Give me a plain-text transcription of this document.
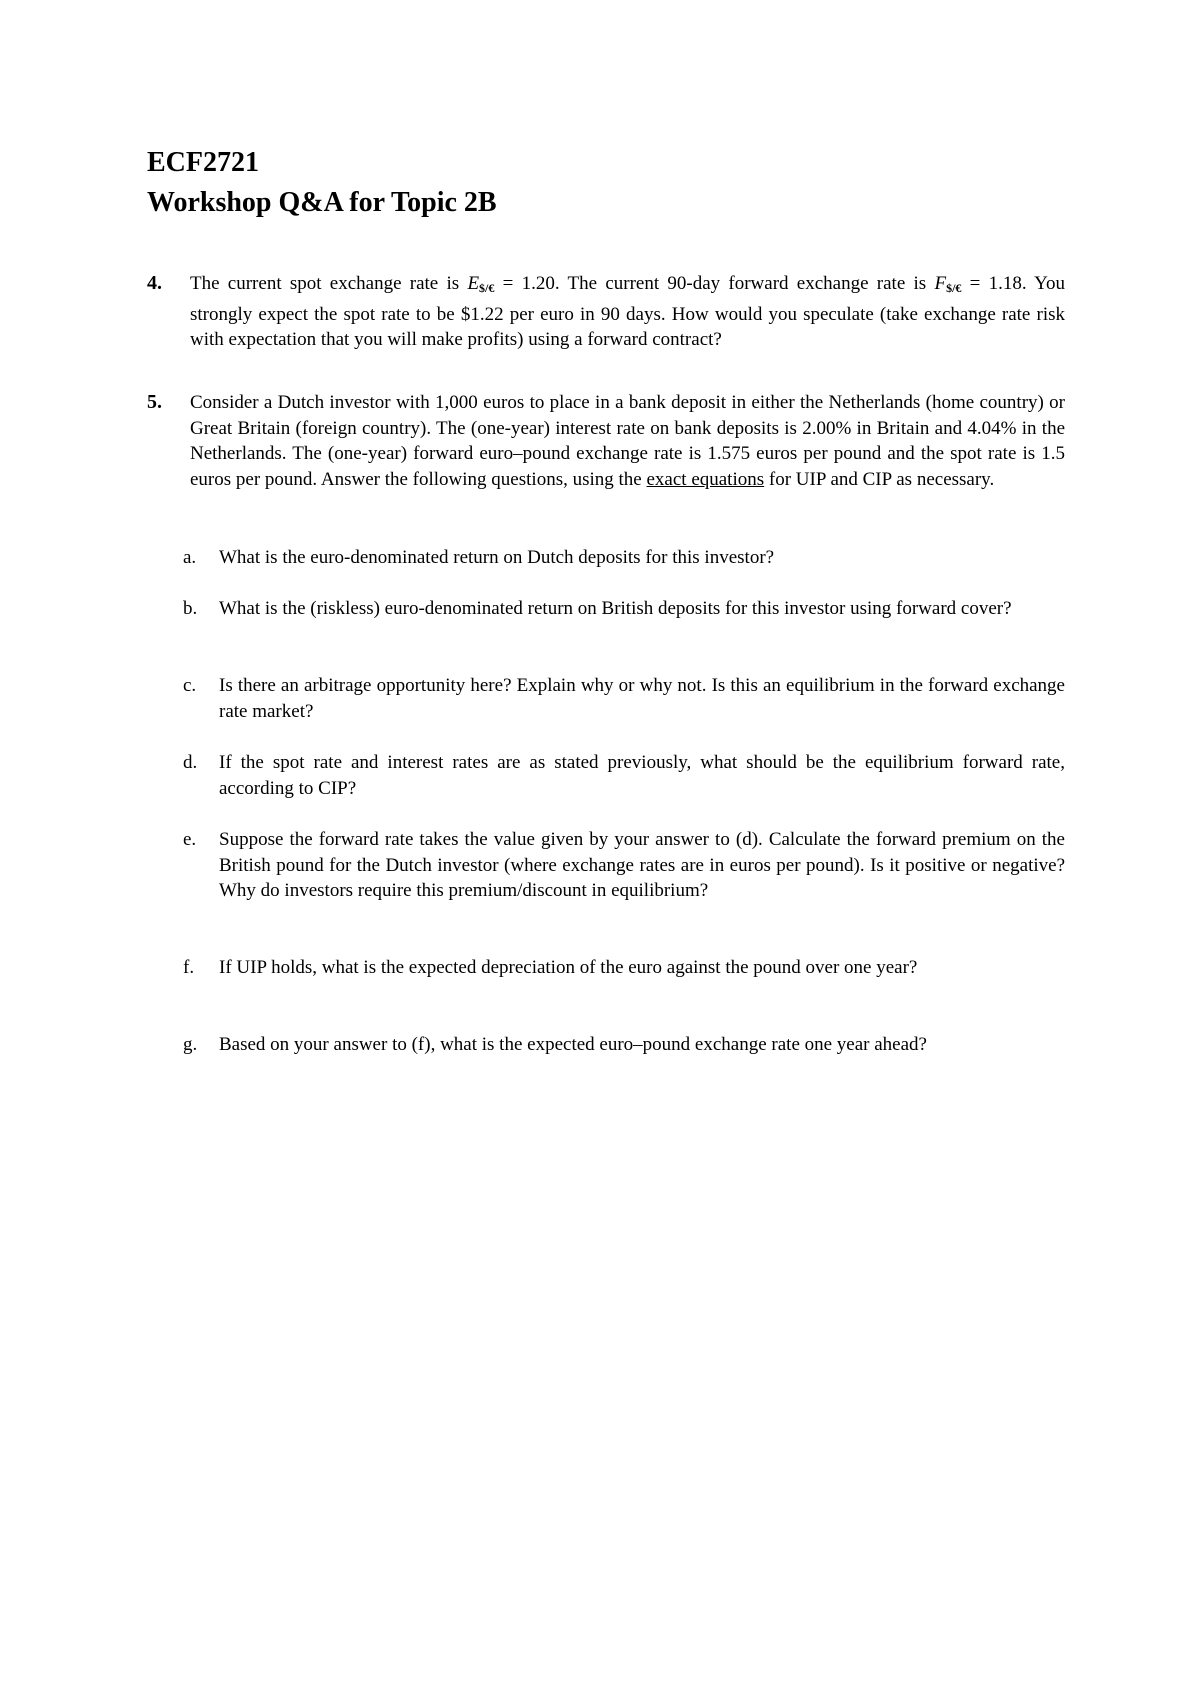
ECF2721
Workshop Q&A for Topic 2B
4. The current spot exchange rate is $E_{\$/€} = 1.20$. The current 90-day forward exchange rate is $F_{\$/€} = 1.18$. You strongly expect the spot rate to be $1.22 per euro in 90 days. How would you speculate (take exchange rate risk with expectation that you will make profits) using a forward contract?
5. Consider a Dutch investor with 1,000 euros to place in a bank deposit in either the Netherlands (home country) or Great Britain (foreign country). The (one-year) interest rate on bank deposits is 2.00% in Britain and 4.04% in the Netherlands. The (one-year) forward euro–pound exchange rate is 1.575 euros per pound and the spot rate is 1.5 euros per pound. Answer the following questions, using the exact equations for UIP and CIP as necessary.
a. What is the euro-denominated return on Dutch deposits for this investor?
b. What is the (riskless) euro-denominated return on British deposits for this investor using forward cover?
c. Is there an arbitrage opportunity here? Explain why or why not. Is this an equilibrium in the forward exchange rate market?
d. If the spot rate and interest rates are as stated previously, what should be the equilibrium forward rate, according to CIP?
e. Suppose the forward rate takes the value given by your answer to (d). Calculate the forward premium on the British pound for the Dutch investor (where exchange rates are in euros per pound). Is it positive or negative? Why do investors require this premium/discount in equilibrium?
f. If UIP holds, what is the expected depreciation of the euro against the pound over one year?
g. Based on your answer to (f), what is the expected euro–pound exchange rate one year ahead?
